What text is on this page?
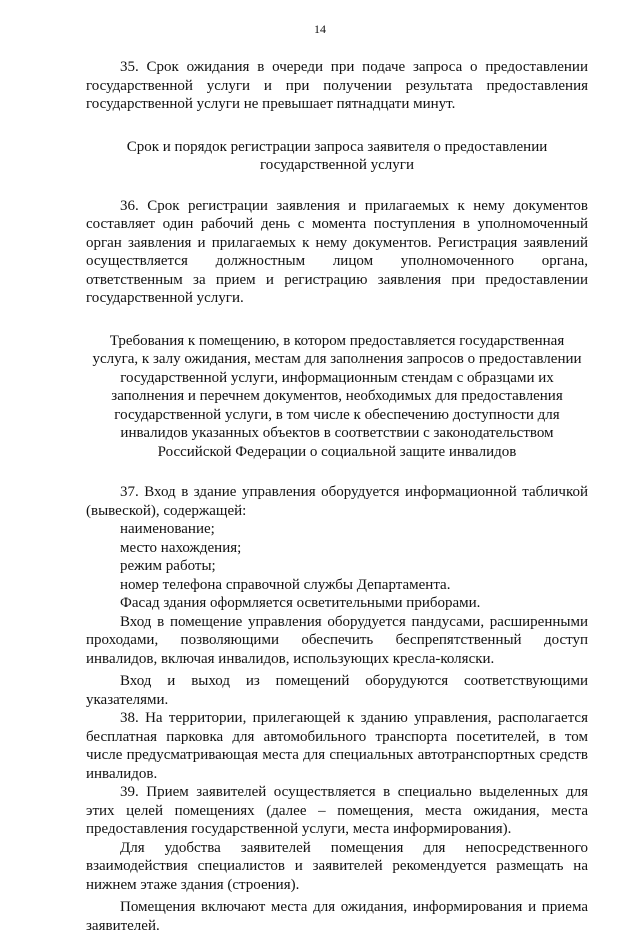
14

35. Срок ожидания в очереди при подаче запроса о предоставлении государственной услуги и при получении результата предоставления государственной услуги не превышает пятнадцати минут.

Срок и порядок регистрации запроса заявителя о предоставлении государственной услуги

36. Срок регистрации заявления и прилагаемых к нему документов составляет один рабочий день с момента поступления в уполномоченный орган заявления и прилагаемых к нему документов. Регистрация заявлений осуществляется должностным лицом уполномоченного органа, ответственным за прием и регистрацию заявления при предоставлении государственной услуги.

Требования к помещению, в котором предоставляется государственная услуга, к залу ожидания, местам для заполнения запросов о предоставлении государственной услуги, информационным стендам с образцами их заполнения и перечнем документов, необходимых для предоставления государственной услуги, в том числе к обеспечению доступности для инвалидов указанных объектов в соответствии с законодательством Российской Федерации о социальной защите инвалидов

37. Вход в здание управления оборудуется информационной табличкой (вывеской), содержащей:

наименование;

место нахождения;

режим работы;

номер телефона справочной службы Департамента.

Фасад здания оформляется осветительными приборами.

Вход в помещение управления оборудуется пандусами, расширенными проходами, позволяющими обеспечить беспрепятственный доступ инвалидов, включая инвалидов, использующих кресла-коляски.

Вход и выход из помещений оборудуются соответствующими указателями.

38. На территории, прилегающей к зданию управления, располагается бесплатная парковка для автомобильного транспорта посетителей, в том числе предусматривающая места для специальных автотранспортных средств инвалидов.

39. Прием заявителей осуществляется в специально выделенных для этих целей помещениях (далее – помещения, места ожидания, места предоставления государственной услуги, места информирования).

Для удобства заявителей помещения для непосредственного взаимодействия специалистов и заявителей рекомендуется размещать на нижнем этаже здания (строения).

Помещения включают места для ожидания, информирования и приема заявителей.
